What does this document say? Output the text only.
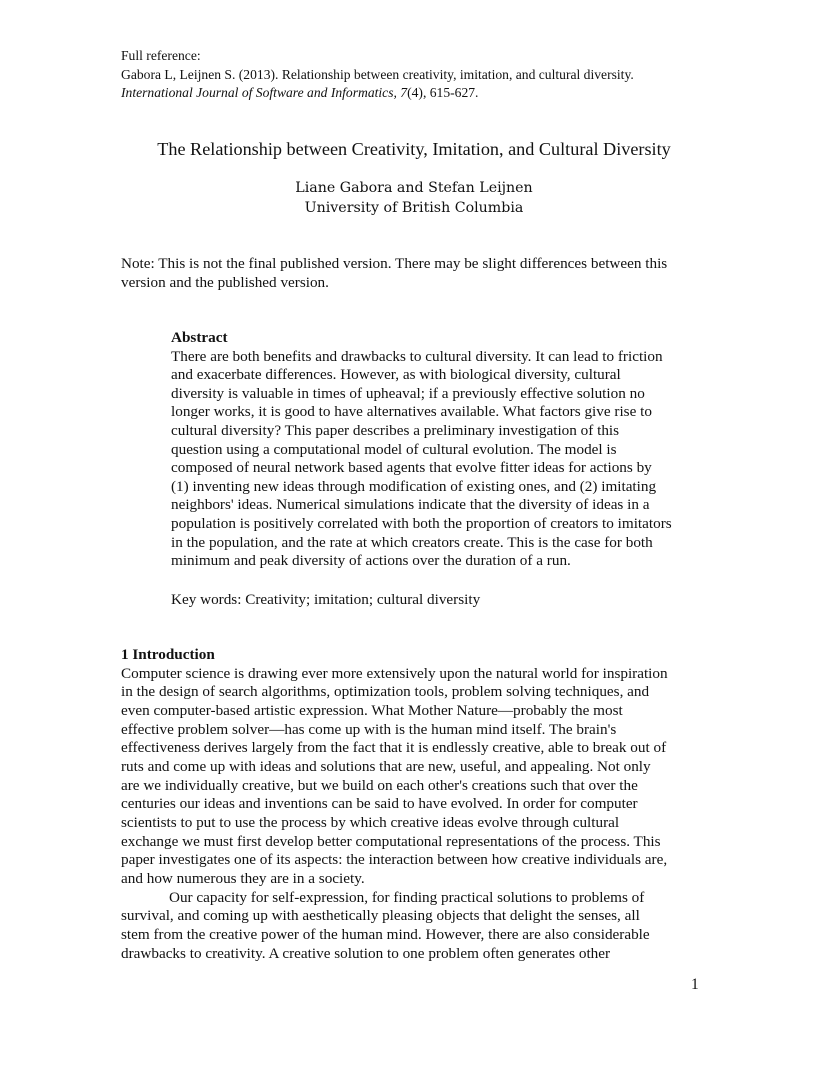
Full reference:
Gabora L, Leijnen S. (2013). Relationship between creativity, imitation, and cultural diversity.
International Journal of Software and Informatics, 7(4), 615-627.
The Relationship between Creativity, Imitation, and Cultural Diversity
Liane Gabora and Stefan Leijnen
University of British Columbia
Note: This is not the final published version. There may be slight differences between this
version and the published version.
Abstract
There are both benefits and drawbacks to cultural diversity. It can lead to friction
and exacerbate differences. However, as with biological diversity, cultural
diversity is valuable in times of upheaval; if a previously effective solution no
longer works, it is good to have alternatives available. What factors give rise to
cultural diversity? This paper describes a preliminary investigation of this
question using a computational model of cultural evolution. The model is
composed of neural network based agents that evolve fitter ideas for actions by
(1) inventing new ideas through modification of existing ones, and (2) imitating
neighbors' ideas. Numerical simulations indicate that the diversity of ideas in a
population is positively correlated with both the proportion of creators to imitators
in the population, and the rate at which creators create. This is the case for both
minimum and peak diversity of actions over the duration of a run.
Key words: Creativity; imitation; cultural diversity
1 Introduction
Computer science is drawing ever more extensively upon the natural world for inspiration
in the design of search algorithms, optimization tools, problem solving techniques, and
even computer-based artistic expression. What Mother Nature—probably the most
effective problem solver—has come up with is the human mind itself. The brain's
effectiveness derives largely from the fact that it is endlessly creative, able to break out of
ruts and come up with ideas and solutions that are new, useful, and appealing. Not only
are we individually creative, but we build on each other's creations such that over the
centuries our ideas and inventions can be said to have evolved. In order for computer
scientists to put to use the process by which creative ideas evolve through cultural
exchange we must first develop better computational representations of the process. This
paper investigates one of its aspects: the interaction between how creative individuals are,
and how numerous they are in a society.
Our capacity for self-expression, for finding practical solutions to problems of
survival, and coming up with aesthetically pleasing objects that delight the senses, all
stem from the creative power of the human mind. However, there are also considerable
drawbacks to creativity. A creative solution to one problem often generates other
1
